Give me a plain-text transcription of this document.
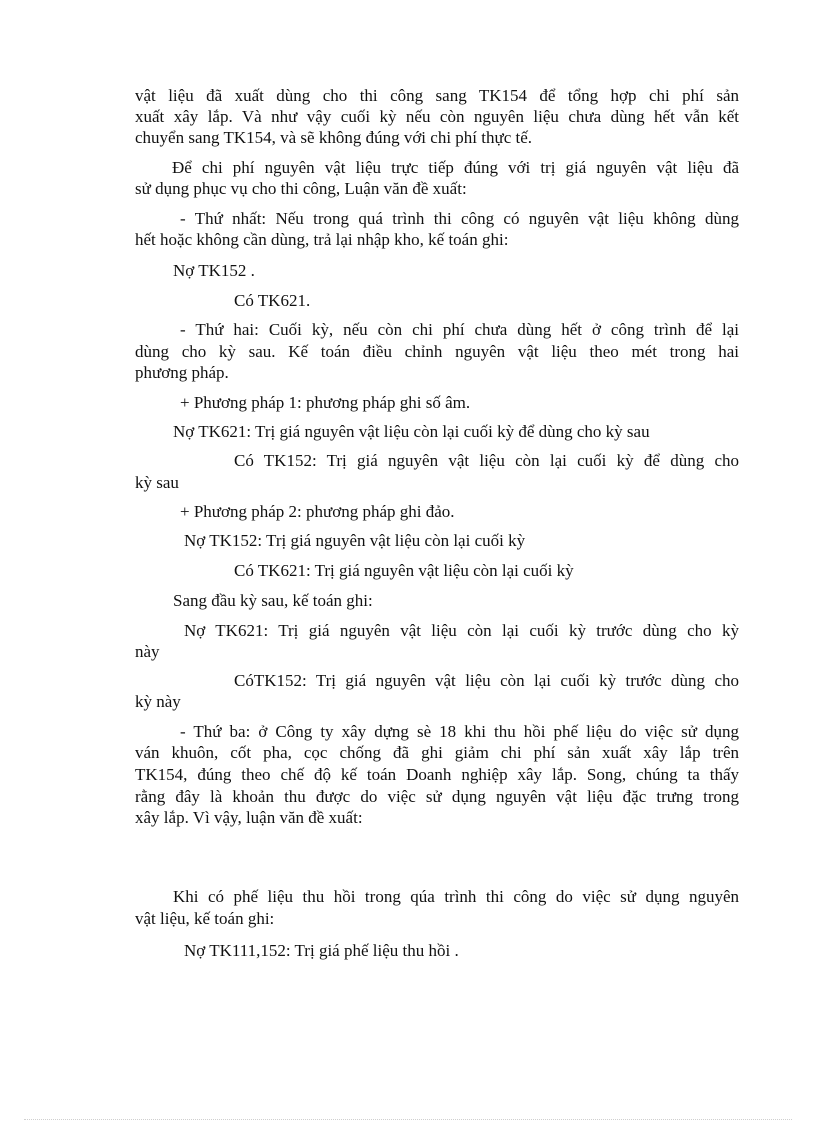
vật liệu đã xuất dùng cho thi công sang TK154 để tổng hợp chi phí sản

xuất xây lắp. Và như vậy cuối kỳ nếu còn nguyên liệu chưa dùng hết vẫn kết

chuyển sang TK154, và sẽ không đúng với chi phí thực tế.

Để chi phí nguyên vật liệu trực tiếp đúng với trị giá nguyên vật liệu đã

sử dụng phục vụ cho thi công, Luận văn đề xuất:

- Thứ nhất: Nếu trong quá trình thi công có nguyên vật liệu không dùng

hết hoặc không cần dùng, trả lại nhập kho, kế toán ghi:

Nợ TK152 .

Có TK621.

- Thứ hai: Cuối kỳ, nếu còn chi phí chưa dùng hết ở công trình để lại

dùng cho kỳ sau. Kế toán điều chỉnh nguyên vật liệu theo mét trong hai

phương pháp.

+ Phương pháp 1: phương pháp ghi số âm.

Nợ TK621: Trị giá nguyên vật liệu còn lại cuối kỳ để dùng cho kỳ sau

Có TK152: Trị giá nguyên vật liệu còn lại cuối kỳ để dùng cho

kỳ sau

+ Phương pháp 2: phương pháp ghi đảo.

Nợ TK152: Trị giá nguyên vật liệu còn lại cuối kỳ

Có TK621: Trị giá nguyên vật liệu còn lại cuối kỳ

Sang đầu kỳ sau, kế toán ghi:

Nợ TK621: Trị giá nguyên vật liệu còn lại cuối kỳ trước dùng cho kỳ

này

CóTK152: Trị giá nguyên vật liệu còn lại cuối kỳ trước dùng cho

kỳ này

- Thứ ba: ở Công ty xây dựng sè 18 khi thu hồi phế liệu do việc sử dụng

ván khuôn, cốt pha, cọc chống đã ghi giảm chi phí sản xuất xây lắp trên

TK154, đúng theo chế độ kế toán Doanh nghiệp xây lắp. Song, chúng ta thấy

rằng đây là khoản thu được do việc sử dụng nguyên vật liệu đặc trưng trong

xây lắp. Vì vậy, luận văn đề xuất:

Khi có phế liệu thu hồi trong qúa trình thi công do việc sử dụng nguyên

vật liệu, kế toán ghi:

Nợ TK111,152: Trị giá phế liệu thu hồi .
